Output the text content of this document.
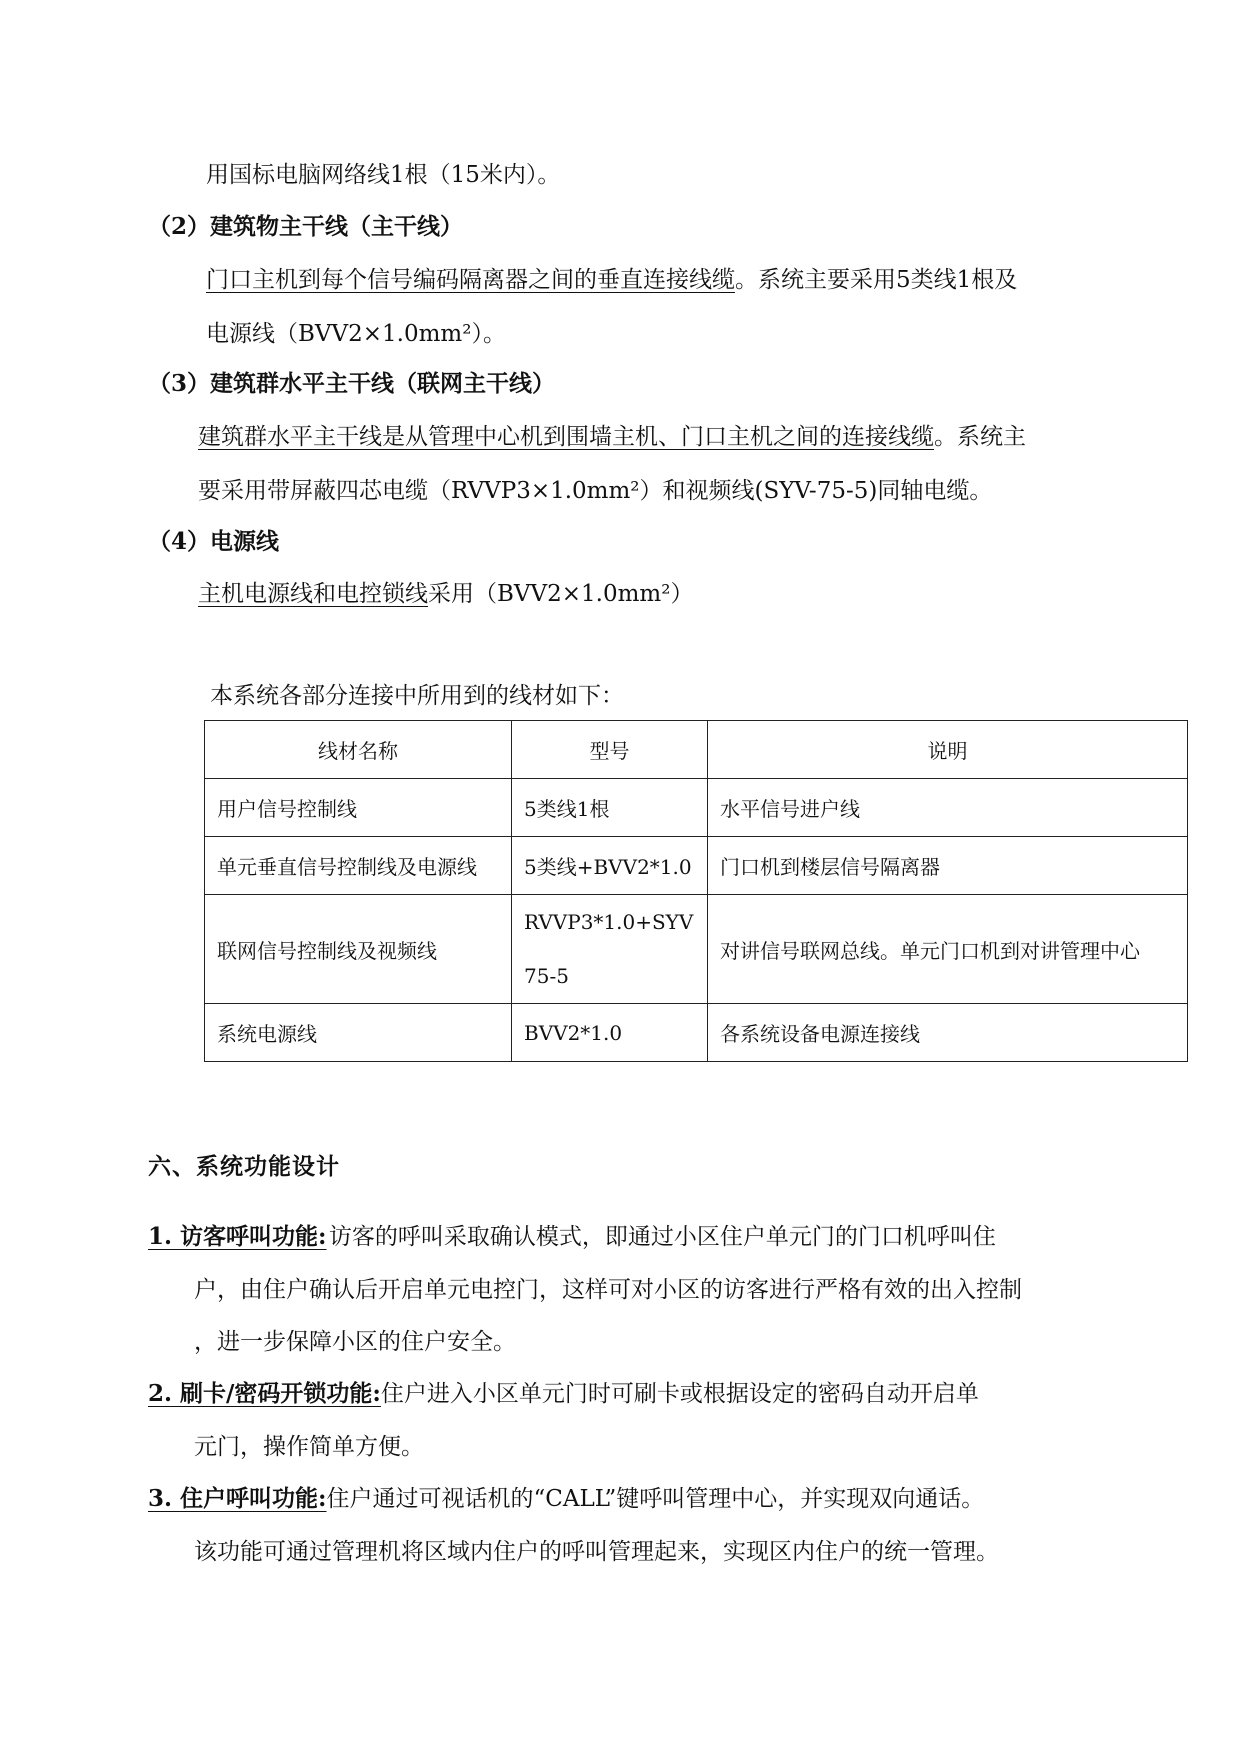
用国标电脑网络线1根（15米内）。
（2）建筑物主干线（主干线）
门口主机到每个信号编码隔离器之间的垂直连接线缆。系统主要采用5类线1根及
电源线（BVV2×1.0mm²）。
（3）建筑群水平主干线（联网主干线）
建筑群水平主干线是从管理中心机到围墙主机、门口主机之间的连接线缆。系统主
要采用带屏蔽四芯电缆（RVVP3×1.0mm²）和视频线(SYV-75-5)同轴电缆。
（4）电源线
主机电源线和电控锁线采用（BVV2×1.0mm²）
本系统各部分连接中所用到的线材如下：
线材名称	型号	说明
用户信号控制线	5类线1根	水平信号进户线
单元垂直信号控制线及电源线	5类线+BVV2*1.0	门口机到楼层信号隔离器
联网信号控制线及视频线	RVVP3*1.0+SYV75-5	对讲信号联网总线。单元门口机到对讲管理中心
系统电源线	BVV2*1.0	各系统设备电源连接线
六、系统功能设计
1. 访客呼叫功能: 访客的呼叫采取确认模式，即通过小区住户单元门的门口机呼叫住
户，由住户确认后开启单元电控门，这样可对小区的访客进行严格有效的出入控制
，进一步保障小区的住户安全。
2. 刷卡/密码开锁功能:住户进入小区单元门时可刷卡或根据设定的密码自动开启单
元门，操作简单方便。
3. 住户呼叫功能:住户通过可视话机的“CALL”键呼叫管理中心，并实现双向通话。
该功能可通过管理机将区域内住户的呼叫管理起来，实现区内住户的统一管理。
